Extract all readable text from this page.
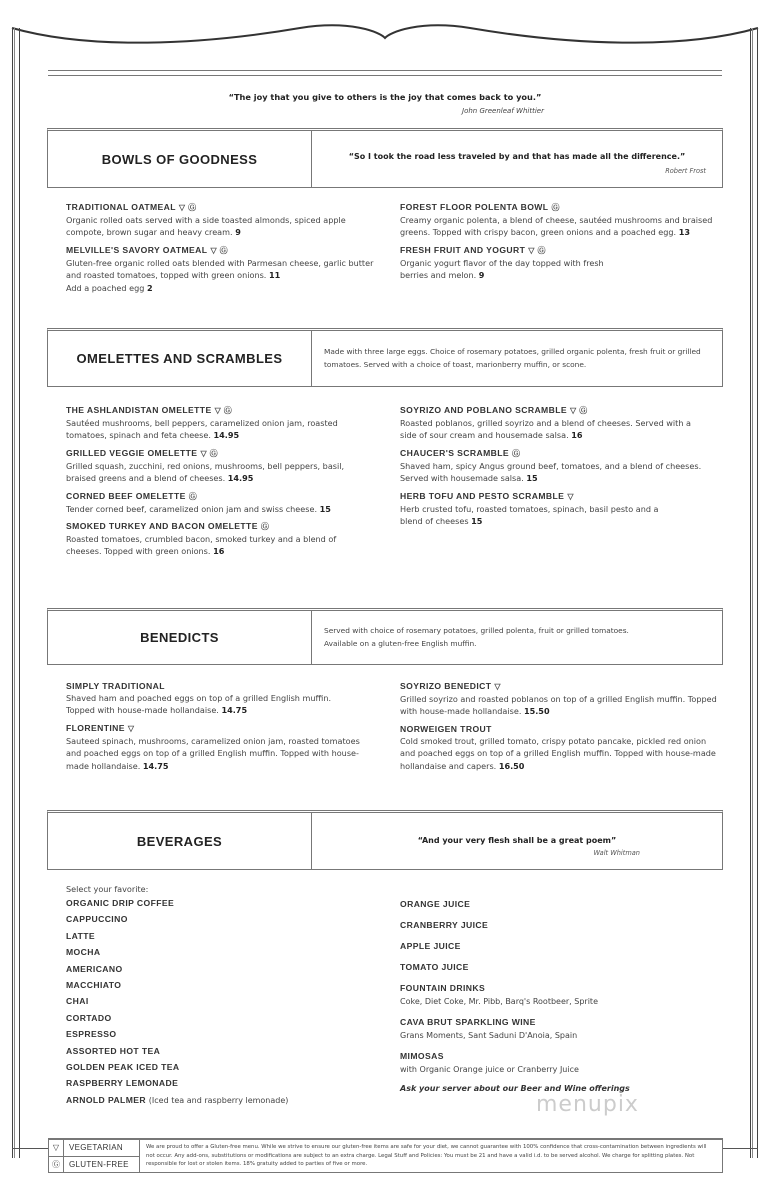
“The joy that you give to others is the joy that comes back to you.”
John Greenleaf Whittier
BOWLS OF GOODNESS	“So I took the road less traveled by and that has made all the difference.”
Robert Frost
TRADITIONAL OATMEAL ▽ Ⓖ
Organic rolled oats served with a side toasted almonds, spiced apple compote, brown sugar and heavy cream. 9
MELVILLE'S SAVORY OATMEAL ▽ Ⓖ
Gluten-free organic rolled oats blended with Parmesan cheese, garlic butter and roasted tomatoes, topped with green onions. 11
Add a poached egg 2
FOREST FLOOR POLENTA BOWL Ⓖ
Creamy organic polenta, a blend of cheese, sautéed mushrooms and braised greens. Topped with crispy bacon, green onions and a poached egg. 13
FRESH FRUIT AND YOGURT ▽ Ⓖ
Organic yogurt flavor of the day topped with fresh berries and melon. 9
OMELETTES AND SCRAMBLES	Made with three large eggs. Choice of rosemary potatoes, grilled organic polenta, fresh fruit or grilled tomatoes. Served with a choice of toast, marionberry muffin, or scone.
THE ASHLANDISTAN OMELETTE ▽ Ⓖ
Sautéed mushrooms, bell peppers, caramelized onion jam, roasted tomatoes, spinach and feta cheese. 14.95
GRILLED VEGGIE OMELETTE ▽ Ⓖ
Grilled squash, zucchini, red onions, mushrooms, bell peppers, basil, braised greens and a blend of cheeses. 14.95
CORNED BEEF OMELETTE Ⓖ
Tender corned beef, caramelized onion jam and swiss cheese. 15
SMOKED TURKEY AND BACON OMELETTE Ⓖ
Roasted tomatoes, crumbled bacon, smoked turkey and a blend of cheeses. Topped with green onions. 16
SOYRIZO AND POBLANO SCRAMBLE ▽ Ⓖ
Roasted poblanos, grilled soyrizo and a blend of cheeses. Served with a side of sour cream and housemade salsa. 16
CHAUCER'S SCRAMBLE Ⓖ
Shaved ham, spicy Angus ground beef, tomatoes, and a blend of cheeses. Served with housemade salsa. 15
HERB TOFU AND PESTO SCRAMBLE ▽
Herb crusted tofu, roasted tomatoes, spinach, basil pesto and a blend of cheeses 15
BENEDICTS	Served with choice of rosemary potatoes, grilled polenta, fruit or grilled tomatoes. Available on a gluten-free English muffin.
SIMPLY TRADITIONAL
Shaved ham and poached eggs on top of a grilled English muffin. Topped with house-made hollandaise. 14.75
FLORENTINE ▽
Sauteed spinach, mushrooms, caramelized onion jam, roasted tomatoes and poached eggs on top of a grilled English muffin. Topped with house-made hollandaise. 14.75
SOYRIZO BENEDICT ▽
Grilled soyrizo and roasted poblanos on top of a grilled English muffin. Topped with house-made hollandaise. 15.50
NORWEIGEN TROUT
Cold smoked trout, grilled tomato, crispy potato pancake, pickled red onion and poached eggs on top of a grilled English muffin. Topped with house-made hollandaise and capers. 16.50
BEVERAGES	“And your very flesh shall be a great poem”
Walt Whitman
Select your favorite:
ORGANIC DRIP COFFEE
CAPPUCCINO
LATTE
MOCHA
AMERICANO
MACCHIATO
CHAI
CORTADO
ESPRESSO
ASSORTED HOT TEA
GOLDEN PEAK ICED TEA
RASPBERRY LEMONADE
ARNOLD PALMER (Iced tea and raspberry lemonade)
ORANGE JUICE
CRANBERRY JUICE
APPLE JUICE
TOMATO JUICE
FOUNTAIN DRINKS
Coke, Diet Coke, Mr. Pibb, Barq's Rootbeer, Sprite
CAVA BRUT SPARKLING WINE
Grans Moments, Sant Saduni D'Anoia, Spain
MIMOSAS
with Organic Orange juice or Cranberry Juice
Ask your server about our Beer and Wine offerings
menupix
▽	VEGETARIAN
Ⓖ	GLUTEN-FREE
We are proud to offer a Gluten-free menu. While we strive to ensure our gluten-free items are safe for your diet, we cannot guarantee with 100% confidence that cross-contamination between ingredients will not occur. Any add-ons, substitutions or modifications are subject to an extra charge. Legal Stuff and Policies: You must be 21 and have a valid i.d. to be served alcohol. We charge for splitting plates. Not responsible for lost or stolen items. 18% gratuity added to parties of five or more.
